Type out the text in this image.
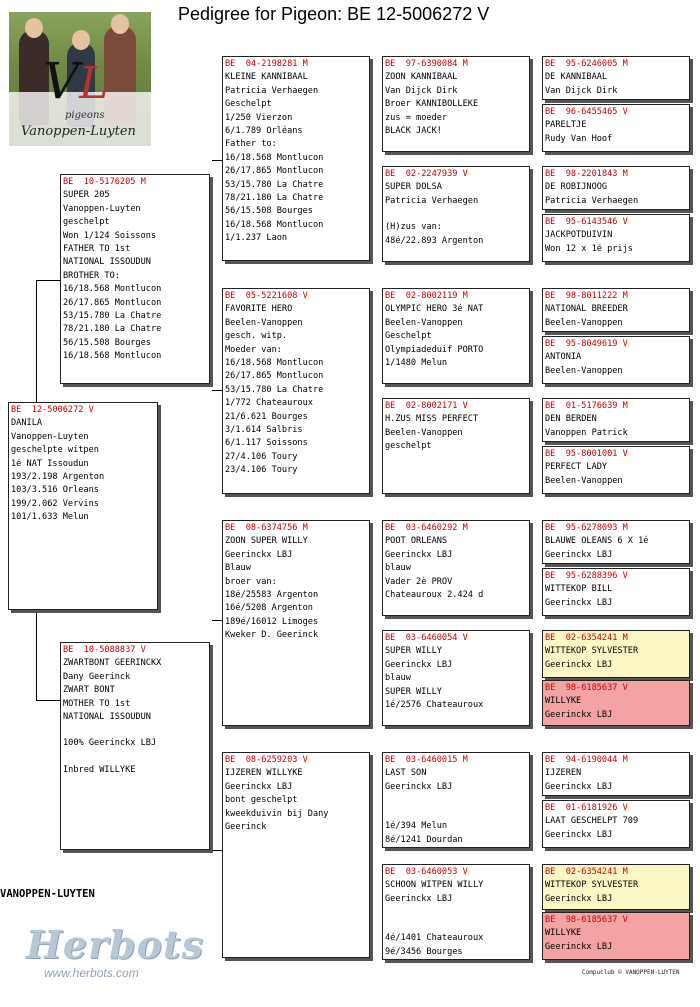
Pedigree for Pigeon: BE 12-5006272 V
VL
pigeons
Vanoppen-Luyten
BE  12-5006272 V
DANILA
Vanoppen-Luyten
geschelpte witpen
1é NAT Issoudun
193/2.198 Argenton
103/3.516 Orleans
199/2.062 Vervins
101/1.633 Melun
BE  10-5176205 M
SUPER 205
Vanoppen-Luyten
geschelpt
Won 1/124 Soissons
FATHER TO 1st
NATIONAL ISSOUDUN
BROTHER TO:
16/18.568 Montlucon
26/17.865 Montlucon
53/15.780 La Chatre
78/21.180 La Chatre
56/15.508 Bourges
16/18.568 Montlucon
BE  10-5088837 V
ZWARTBONT GEERINCKX
Dany Geerinck
ZWART BONT
MOTHER TO 1st
NATIONAL ISSOUDUN
100% Geerinckx LBJ
Inbred WILLYKE
BE  04-2198281 M
KLEINE KANNIBAAL
Patricia Verhaegen
Geschelpt
1/250 Vierzon
6/1.789 Orléans
Father to:
16/18.568 Montlucon
26/17.865 Montlucon
53/15.780 La Chatre
78/21.180 La Chatre
56/15.508 Bourges
16/18.568 Montlucon
1/1.237 Laon
BE  05-5221608 V
FAVORITE HERO
Beelen-Vanoppen
gesch. witp.
Moeder van:
16/18.568 Montlucon
26/17.865 Montlucon
53/15.780 La Chatre
1/772 Chateauroux
21/6.621 Bourges
3/1.614 Salbris
6/1.117 Soissons
27/4.106 Toury
23/4.106 Toury
BE  08-6374756 M
ZOON SUPER WILLY
Geerinckx LBJ
Blauw
broer van:
18é/25583 Argenton
16é/5208 Argenton
189é/16012 Limoges
Kweker D. Geerinck
BE  08-6259203 V
IJZEREN WILLYKE
Geerinckx LBJ
bont geschelpt
kweekduivin bij Dany
Geerinck
BE  97-6390084 M
ZOON KANNIBAAL
Van Dijck Dirk
Broer KANNIBOLLEKE
zus = moeder
BLACK JACK!
BE  02-2247939 V
SUPER DOLSA
Patricia Verhaegen
(H)zus van:
48é/22.893 Argenton
BE  02-8002119 M
OLYMPIC HERO 3é NAT
Beelen-Vanoppen
Geschelpt
Olympiadeduif PORTO
1/1480 Melun
BE  02-8002171 V
H.ZUS MISS PERFECT
Beelen-Vanoppen
geschelpt
BE  03-6460292 M
POOT ORLEANS
Geerinckx LBJ
blauw
Vader 2è PROV
Chateauroux 2.424 d
BE  03-6460054 V
SUPER WILLY
Geerinckx LBJ
blauw
SUPER WILLY
1é/2576 Chateauroux
BE  03-6460015 M
LAST SON
Geerinckx LBJ
1é/394 Melun
8é/1241 Dourdan
BE  03-6460053 V
SCHOON WITPEN WILLY
Geerinckx LBJ
4é/1401 Chateauroux
9é/3456 Bourges
BE  95-6246005 M
DE KANNIBAAL
Van Dijck Dirk
BE  96-6455465 V
PARELTJE
Rudy Van Hoof
BE  98-2201843 M
DE ROBIJNOOG
Patricia Verhaegen
BE  95-6143546 V
JACKPOTDUIVIN
Won 12 x 1é prijs
BE  98-8011222 M
NATIONAL BREEDER
Beelen-Vanoppen
BE  95-8049619 V
ANTONIA
Beelen-Vanoppen
BE  01-5176639 M
DEN BERDEN
Vanoppen Patrick
BE  95-8001001 V
PERFECT LADY
Beelen-Vanoppen
BE  95-6278093 M
BLAUWE OLEANS 6 X 1é
Geerinckx LBJ
BE  95-6288396 V
WITTEKOP BILL
Geerinckx LBJ
BE  02-6354241 M
WITTEKOP SYLVESTER
Geerinckx LBJ
BE  98-6185637 V
WILLYKE
Geerinckx LBJ
BE  94-6190044 M
IJZEREN
Geerinckx LBJ
BE  01-6181926 V
LAAT GESCHELPT 709
Geerinckx LBJ
BE  02-6354241 M
WITTEKOP SYLVESTER
Geerinckx LBJ
BE  98-6185637 V
WILLYKE
Geerinckx LBJ
VANOPPEN-LUYTEN
Herbots
www.herbots.com	Compuclub © VANOPPEN-LUYTEN
